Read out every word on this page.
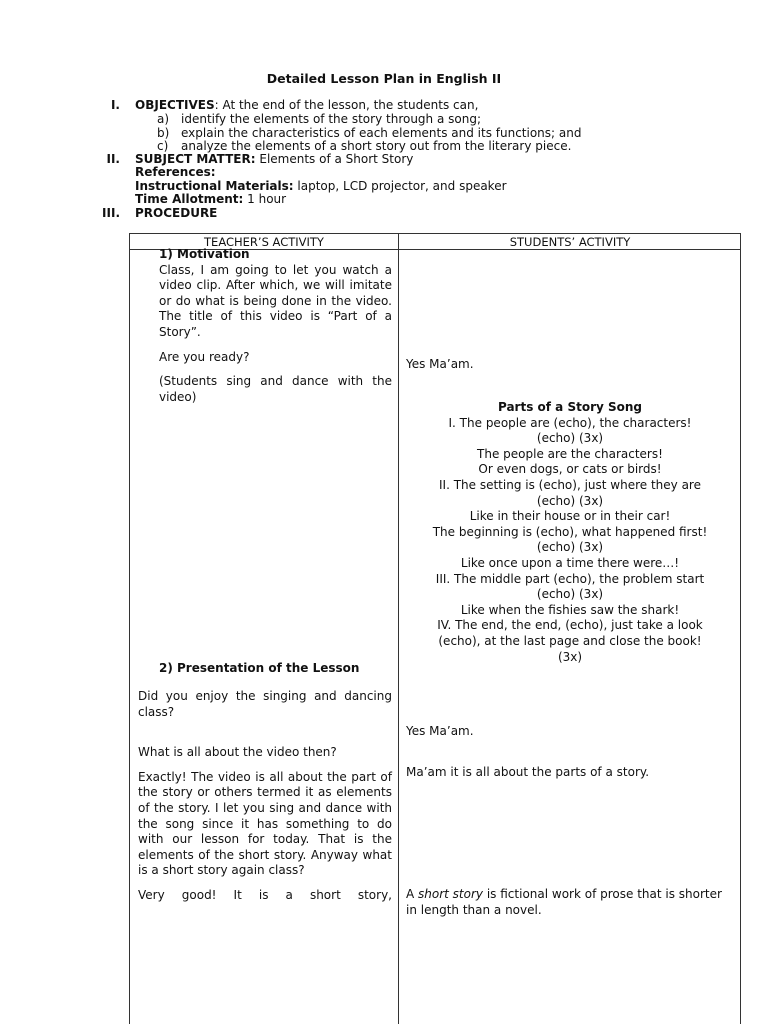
Detailed Lesson Plan in English II
I. OBJECTIVES: At the end of the lesson, the students can,
a) identify the elements of the story through a song;
b) explain the characteristics of each elements and its functions; and
c) analyze the elements of a short story out from the literary piece.
II. SUBJECT MATTER: Elements of a Short Story
References:
Instructional Materials: laptop, LCD projector, and speaker
Time Allotment: 1 hour
III. PROCEDURE
TEACHER’S ACTIVITY	STUDENTS’ ACTIVITY
1) Motivation

Class, I am going to let you watch a video clip. After which, we will imitate or do what is being done in the video. The title of this video is “Part of a Story”.

Are you ready?

(Students sing and dance with the video)

2) Presentation of the Lesson

Did you enjoy the singing and dancing class?

What is all about the video then?

Exactly! The video is all about the part of the story or others termed it as elements of the story. I let you sing and dance with the song since it has something to do with our lesson for today. That is the elements of the short story. Anyway what is a short story again class?

Very good! It is a short story,

Yes Ma’am.
Parts of a Story Song
I. The people are (echo), the characters!
(echo) (3x)
The people are the characters!
Or even dogs, or cats or birds!
II. The setting is (echo), just where they are
(echo) (3x)
Like in their house or in their car!
The beginning is (echo), what happened first!
(echo) (3x)
Like once upon a time there were…!
III. The middle part (echo), the problem start
(echo) (3x)
Like when the fishies saw the shark!
IV. The end, the end, (echo), just take a look
(echo), at the last page and close the book!
(3x)
Yes Ma’am.
Ma’am it is all about the parts of a story.
A short story is fictional work of prose that is shorter in length than a novel.
